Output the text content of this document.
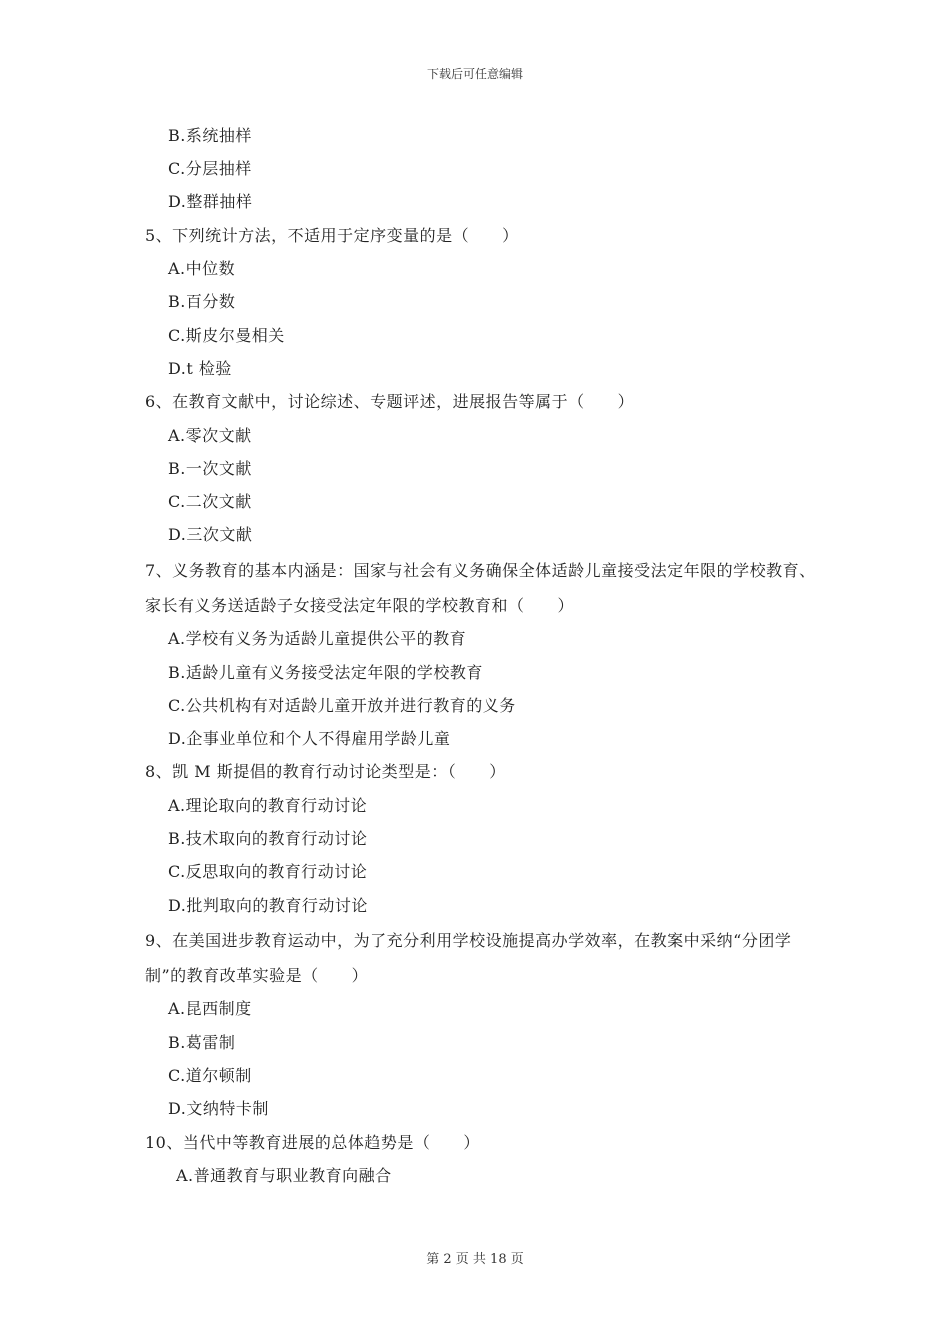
下载后可任意编辑
B.系统抽样
C.分层抽样
D.整群抽样
5、下列统计方法，不适用于定序变量的是（　　）
A.中位数
B.百分数
C.斯皮尔曼相关
D.t 检验
6、在教育文献中，讨论综述、专题评述，进展报告等属于（　　）
A.零次文献
B.一次文献
C.二次文献
D.三次文献
7、义务教育的基本内涵是：国家与社会有义务确保全体适龄儿童接受法定年限的学校教育、
家长有义务送适龄子女接受法定年限的学校教育和（　　）
A.学校有义务为适龄儿童提供公平的教育
B.适龄儿童有义务接受法定年限的学校教育
C.公共机构有对适龄儿童开放并进行教育的义务
D.企事业单位和个人不得雇用学龄儿童
8、凯 M 斯提倡的教育行动讨论类型是：（　　）
A.理论取向的教育行动讨论
B.技术取向的教育行动讨论
C.反思取向的教育行动讨论
D.批判取向的教育行动讨论
9、在美国进步教育运动中，为了充分利用学校设施提高办学效率，在教案中采纳“分团学
制”的教育改革实验是（　　）
A.昆西制度
B.葛雷制
C.道尔顿制
D.文纳特卡制
10、当代中等教育进展的总体趋势是（　　）
A.普通教育与职业教育向融合
第 2 页 共 18 页
